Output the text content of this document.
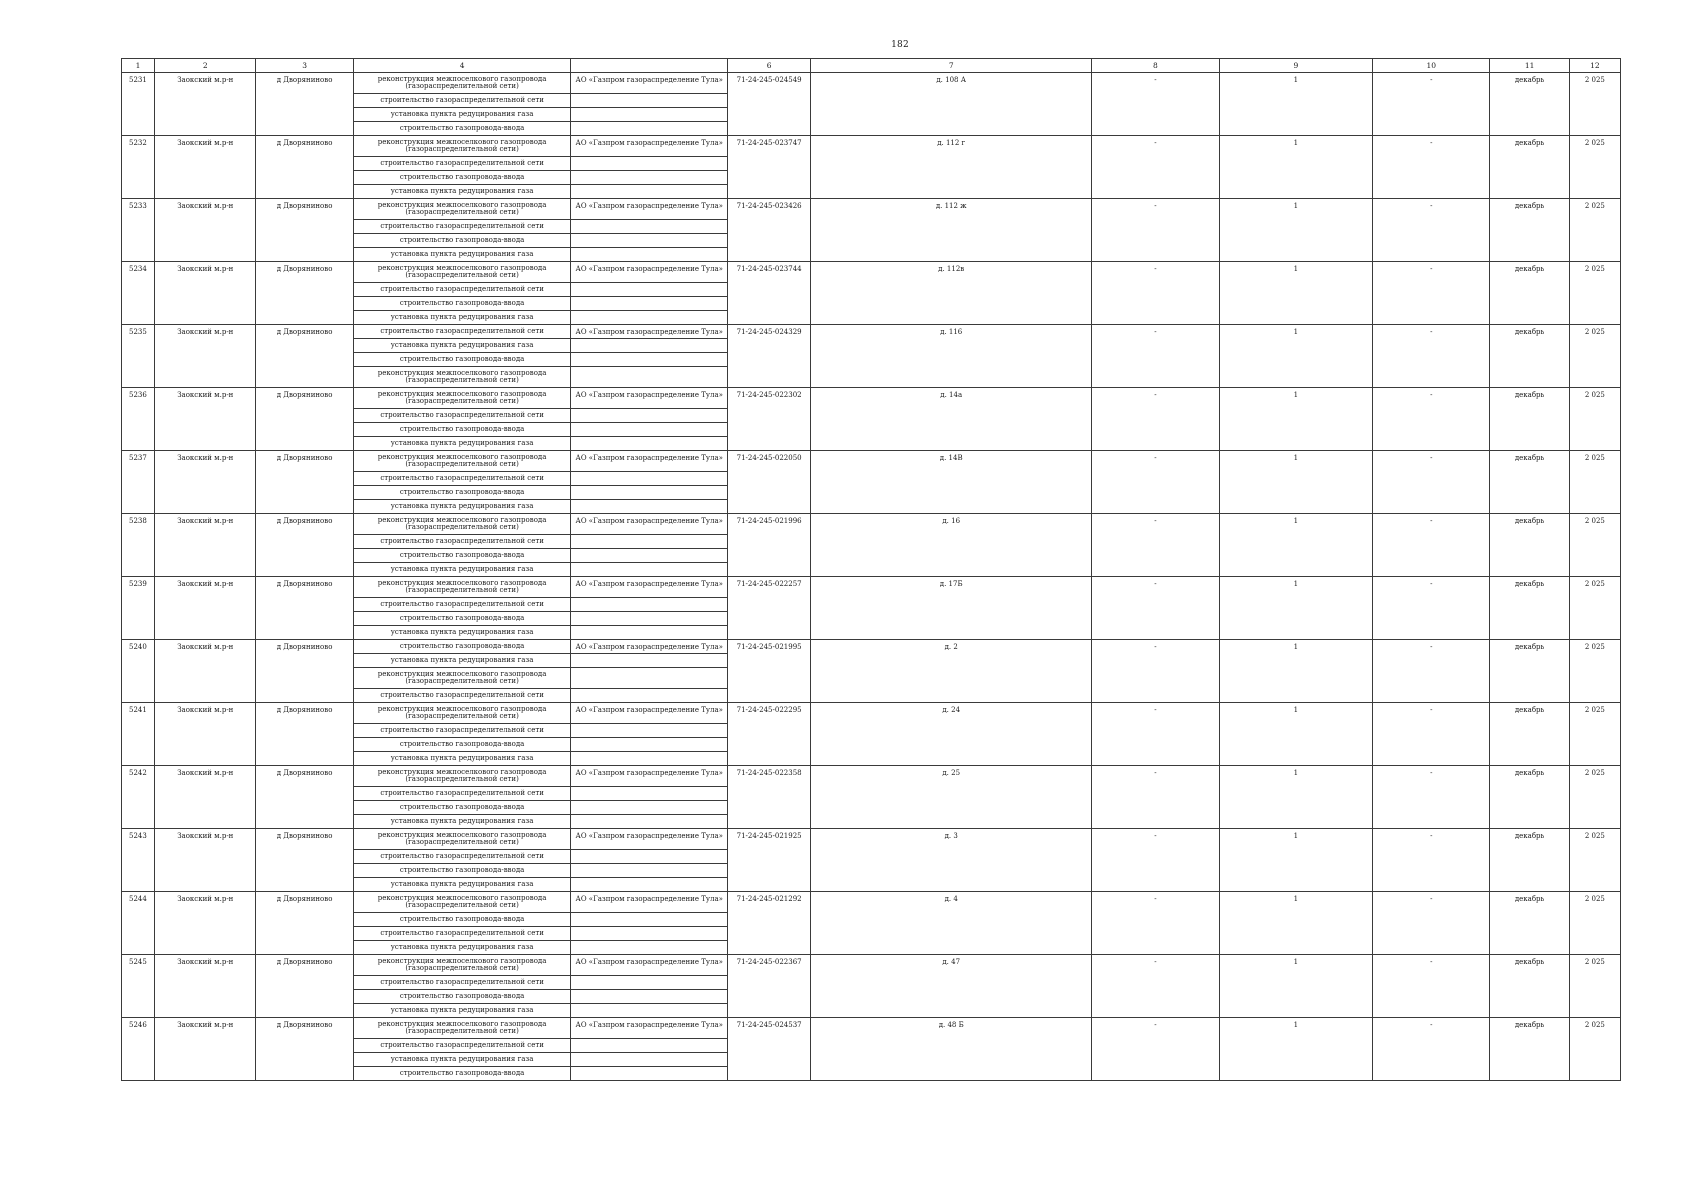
182
1	2	3	4		6	7	8	9	10	11	12
5231	Заокский м.р-н	д Дворяниново	реконструкция межпоселкового газопровода (газораспределительной сети)	АО «Газпром газораспределение Тула»	71-24-245-024549	д. 108 А	-	1	-	декабрь	2 025
			строительство газораспределительной сети								
			установка пункта редуцирования газа								
			строительство газопровода-ввода								
5232	Заокский м.р-н	д Дворяниново	реконструкция межпоселкового газопровода (газораспределительной сети)	АО «Газпром газораспределение Тула»	71-24-245-023747	д. 112 г	-	1	-	декабрь	2 025
			строительство газораспределительной сети								
			строительство газопровода-ввода								
			установка пункта редуцирования газа								
5233	Заокский м.р-н	д Дворяниново	реконструкция межпоселкового газопровода (газораспределительной сети)	АО «Газпром газораспределение Тула»	71-24-245-023426	д. 112 ж	-	1	-	декабрь	2 025
			строительство газораспределительной сети								
			строительство газопровода-ввода								
			установка пункта редуцирования газа								
5234	Заокский м.р-н	д Дворяниново	реконструкция межпоселкового газопровода (газораспределительной сети)	АО «Газпром газораспределение Тула»	71-24-245-023744	д. 112в	-	1	-	декабрь	2 025
			строительство газораспределительной сети								
			строительство газопровода-ввода								
			установка пункта редуцирования газа								
5235	Заокский м.р-н	д Дворяниново	строительство газораспределительной сети	АО «Газпром газораспределение Тула»	71-24-245-024329	д. 116	-	1	-	декабрь	2 025
			установка пункта редуцирования газа								
			строительство газопровода-ввода								
			реконструкция межпоселкового газопровода (газораспределительной сети)								
5236	Заокский м.р-н	д Дворяниново	реконструкция межпоселкового газопровода (газораспределительной сети)	АО «Газпром газораспределение Тула»	71-24-245-022302	д. 14а	-	1	-	декабрь	2 025
			строительство газораспределительной сети								
			строительство газопровода-ввода								
			установка пункта редуцирования газа								
5237	Заокский м.р-н	д Дворяниново	реконструкция межпоселкового газопровода (газораспределительной сети)	АО «Газпром газораспределение Тула»	71-24-245-022050	д. 14В	-	1	-	декабрь	2 025
			строительство газораспределительной сети								
			строительство газопровода-ввода								
			установка пункта редуцирования газа								
5238	Заокский м.р-н	д Дворяниново	реконструкция межпоселкового газопровода (газораспределительной сети)	АО «Газпром газораспределение Тула»	71-24-245-021996	д. 16	-	1	-	декабрь	2 025
			строительство газораспределительной сети								
			строительство газопровода-ввода								
			установка пункта редуцирования газа								
5239	Заокский м.р-н	д Дворяниново	реконструкция межпоселкового газопровода (газораспределительной сети)	АО «Газпром газораспределение Тула»	71-24-245-022257	д. 17Б	-	1	-	декабрь	2 025
			строительство газораспределительной сети								
			строительство газопровода-ввода								
			установка пункта редуцирования газа								
5240	Заокский м.р-н	д Дворяниново	строительство газопровода-ввода	АО «Газпром газораспределение Тула»	71-24-245-021995	д. 2	-	1	-	декабрь	2 025
			установка пункта редуцирования газа								
			реконструкция межпоселкового газопровода (газораспределительной сети)								
			строительство газораспределительной сети								
5241	Заокский м.р-н	д Дворяниново	реконструкция межпоселкового газопровода (газораспределительной сети)	АО «Газпром газораспределение Тула»	71-24-245-022295	д. 24	-	1	-	декабрь	2 025
			строительство газораспределительной сети								
			строительство газопровода-ввода								
			установка пункта редуцирования газа								
5242	Заокский м.р-н	д Дворяниново	реконструкция межпоселкового газопровода (газораспределительной сети)	АО «Газпром газораспределение Тула»	71-24-245-022358	д. 25	-	1	-	декабрь	2 025
			строительство газораспределительной сети								
			строительство газопровода-ввода								
			установка пункта редуцирования газа								
5243	Заокский м.р-н	д Дворяниново	реконструкция межпоселкового газопровода (газораспределительной сети)	АО «Газпром газораспределение Тула»	71-24-245-021925	д. 3	-	1	-	декабрь	2 025
			строительство газораспределительной сети								
			строительство газопровода-ввода								
			установка пункта редуцирования газа								
5244	Заокский м.р-н	д Дворяниново	реконструкция межпоселкового газопровода (газораспределительной сети)	АО «Газпром газораспределение Тула»	71-24-245-021292	д. 4	-	1	-	декабрь	2 025
			строительство газопровода-ввода								
			строительство газораспределительной сети								
			установка пункта редуцирования газа								
5245	Заокский м.р-н	д Дворяниново	реконструкция межпоселкового газопровода (газораспределительной сети)	АО «Газпром газораспределение Тула»	71-24-245-022367	д. 47	-	1	-	декабрь	2 025
			строительство газораспределительной сети								
			строительство газопровода-ввода								
			установка пункта редуцирования газа								
5246	Заокский м.р-н	д Дворяниново	реконструкция межпоселкового газопровода (газораспределительной сети)	АО «Газпром газораспределение Тула»	71-24-245-024537	д. 48 Б	-	1	-	декабрь	2 025
			строительство газораспределительной сети								
			установка пункта редуцирования газа								
			строительство газопровода-ввода								
